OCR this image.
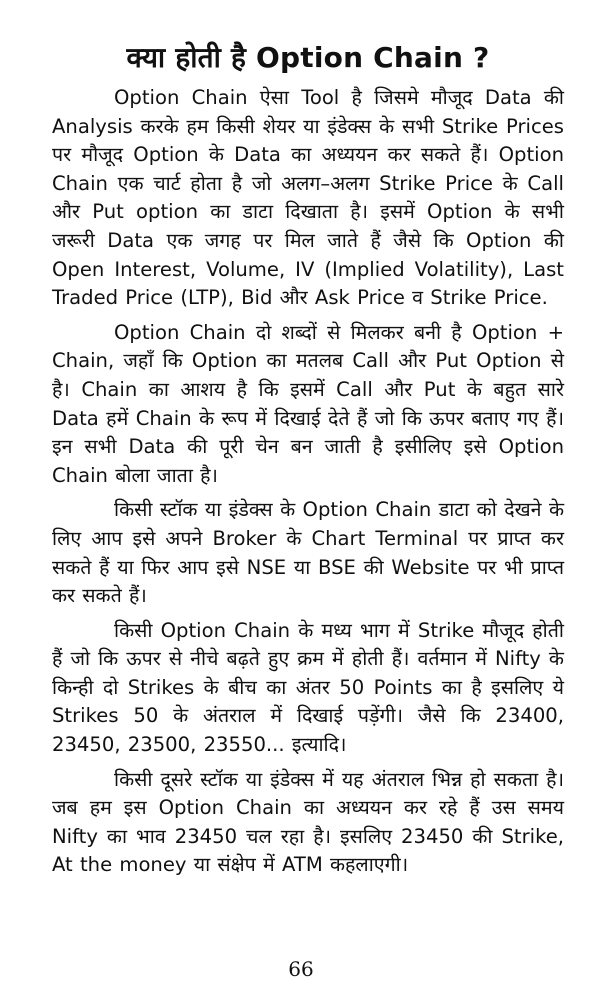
क्या होती है Option Chain ?

Option Chain ऐसा Tool है जिसमे मौजूद Data की Analysis करके हम किसी शेयर या इंडेक्स के सभी Strike Prices पर मौजूद Option के Data का अध्ययन कर सकते हैं। Option Chain एक चार्ट होता है जो अलग–अलग Strike Price के Call और Put option का डाटा दिखाता है। इसमें Option के सभी जरूरी Data एक जगह पर मिल जाते हैं जैसे कि Option की Open Interest, Volume, IV (Implied Volatility), Last Traded Price (LTP), Bid और Ask Price व Strike Price.

Option Chain दो शब्दों से मिलकर बनी है Option + Chain, जहाँ कि Option का मतलब Call और Put Option से है। Chain का आशय है कि इसमें Call और Put के बहुत सारे Data हमें Chain के रूप में दिखाई देते हैं जो कि ऊपर बताए गए हैं। इन सभी Data की पूरी चेन बन जाती है इसीलिए इसे Option Chain बोला जाता है।

किसी स्टॉक या इंडेक्स के Option Chain डाटा को देखने के लिए आप इसे अपने Broker के Chart Terminal पर प्राप्त कर सकते हैं या फिर आप इसे NSE या BSE की Website पर भी प्राप्त कर सकते हैं।

किसी Option Chain के मध्य भाग में Strike मौजूद होती हैं जो कि ऊपर से नीचे बढ़ते हुए क्रम में होती हैं। वर्तमान में Nifty के किन्ही दो Strikes के बीच का अंतर 50 Points का है इसलिए ये Strikes 50 के अंतराल में दिखाई पड़ेंगी। जैसे कि 23400, 23450, 23500, 23550... इत्यादि।

किसी दूसरे स्टॉक या इंडेक्स में यह अंतराल भिन्न हो सकता है। जब हम इस Option Chain का अध्ययन कर रहे हैं उस समय Nifty का भाव 23450 चल रहा है। इसलिए 23450 की Strike, At the money या संक्षेप में ATM कहलाएगी।

66
